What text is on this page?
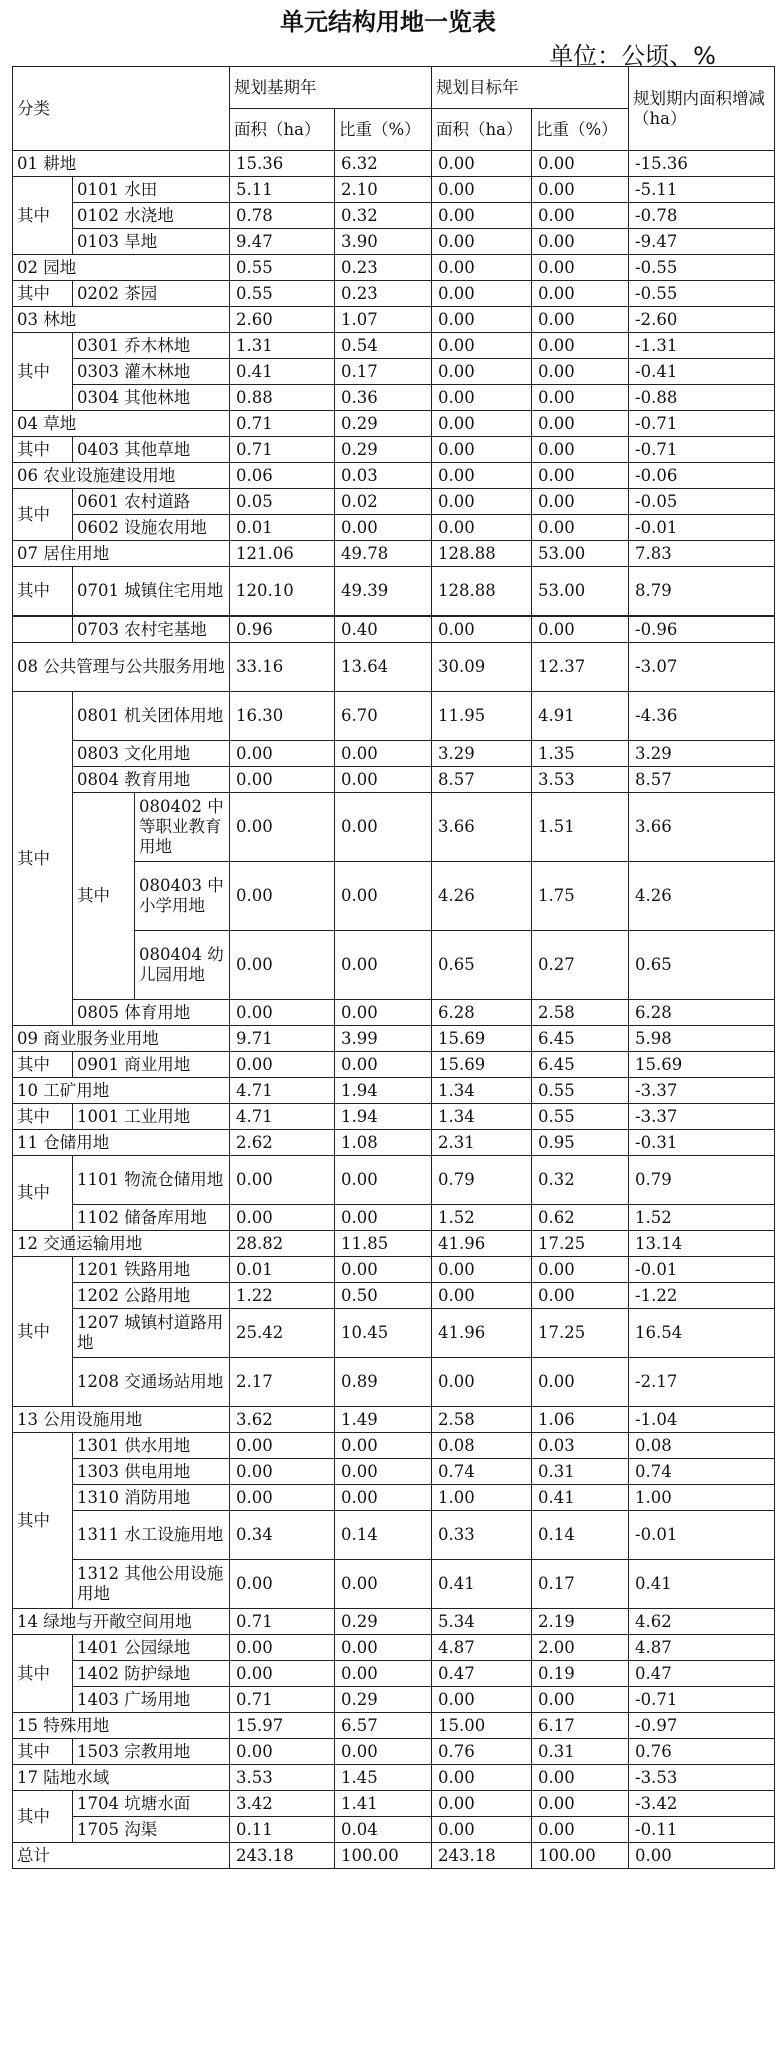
单元结构用地一览表
单位：公顷、%
分类			规划基期年		规划目标年		规划期内面积增减（ha）
			面积（ha）	比重（%）	面积（ha）	比重（%）	
01 耕地			15.36	6.32	0.00	0.00	-15.36
其中	0101 水田		5.11	2.10	0.00	0.00	-5.11
	0102 水浇地		0.78	0.32	0.00	0.00	-0.78
	0103 旱地		9.47	3.90	0.00	0.00	-9.47
02 园地			0.55	0.23	0.00	0.00	-0.55
其中	0202 茶园		0.55	0.23	0.00	0.00	-0.55
03 林地			2.60	1.07	0.00	0.00	-2.60
其中	0301 乔木林地		1.31	0.54	0.00	0.00	-1.31
	0303 灌木林地		0.41	0.17	0.00	0.00	-0.41
	0304 其他林地		0.88	0.36	0.00	0.00	-0.88
04 草地			0.71	0.29	0.00	0.00	-0.71
其中	0403 其他草地		0.71	0.29	0.00	0.00	-0.71
06 农业设施建设用地			0.06	0.03	0.00	0.00	-0.06
其中	0601 农村道路		0.05	0.02	0.00	0.00	-0.05
	0602 设施农用地		0.01	0.00	0.00	0.00	-0.01
07 居住用地			121.06	49.78	128.88	53.00	7.83
其中	0701 城镇住宅用地		120.10	49.39	128.88	53.00	8.79
	0703 农村宅基地		0.96	0.40	0.00	0.00	-0.96
08 公共管理与公共服务用地			33.16	13.64	30.09	12.37	-3.07
其中	0801 机关团体用地		16.30	6.70	11.95	4.91	-4.36
	0803 文化用地		0.00	0.00	3.29	1.35	3.29
	0804 教育用地		0.00	0.00	8.57	3.53	8.57
	其中	080402 中等职业教育用地	0.00	0.00	3.66	1.51	3.66
		080403 中小学用地	0.00	0.00	4.26	1.75	4.26
		080404 幼儿园用地	0.00	0.00	0.65	0.27	0.65
	0805 体育用地		0.00	0.00	6.28	2.58	6.28
09 商业服务业用地			9.71	3.99	15.69	6.45	5.98
其中	0901 商业用地		0.00	0.00	15.69	6.45	15.69
10 工矿用地			4.71	1.94	1.34	0.55	-3.37
其中	1001 工业用地		4.71	1.94	1.34	0.55	-3.37
11 仓储用地			2.62	1.08	2.31	0.95	-0.31
其中	1101 物流仓储用地		0.00	0.00	0.79	0.32	0.79
	1102 储备库用地		0.00	0.00	1.52	0.62	1.52
12 交通运输用地			28.82	11.85	41.96	17.25	13.14
其中	1201 铁路用地		0.01	0.00	0.00	0.00	-0.01
	1202 公路用地		1.22	0.50	0.00	0.00	-1.22
	1207 城镇村道路用地		25.42	10.45	41.96	17.25	16.54
	1208 交通场站用地		2.17	0.89	0.00	0.00	-2.17
13 公用设施用地			3.62	1.49	2.58	1.06	-1.04
其中	1301 供水用地		0.00	0.00	0.08	0.03	0.08
	1303 供电用地		0.00	0.00	0.74	0.31	0.74
	1310 消防用地		0.00	0.00	1.00	0.41	1.00
	1311 水工设施用地		0.34	0.14	0.33	0.14	-0.01
	1312 其他公用设施用地		0.00	0.00	0.41	0.17	0.41
14 绿地与开敞空间用地			0.71	0.29	5.34	2.19	4.62
其中	1401 公园绿地		0.00	0.00	4.87	2.00	4.87
	1402 防护绿地		0.00	0.00	0.47	0.19	0.47
	1403 广场用地		0.71	0.29	0.00	0.00	-0.71
15 特殊用地			15.97	6.57	15.00	6.17	-0.97
其中	1503 宗教用地		0.00	0.00	0.76	0.31	0.76
17 陆地水域			3.53	1.45	0.00	0.00	-3.53
其中	1704 坑塘水面		3.42	1.41	0.00	0.00	-3.42
	1705 沟渠		0.11	0.04	0.00	0.00	-0.11
总计			243.18	100.00	243.18	100.00	0.00
